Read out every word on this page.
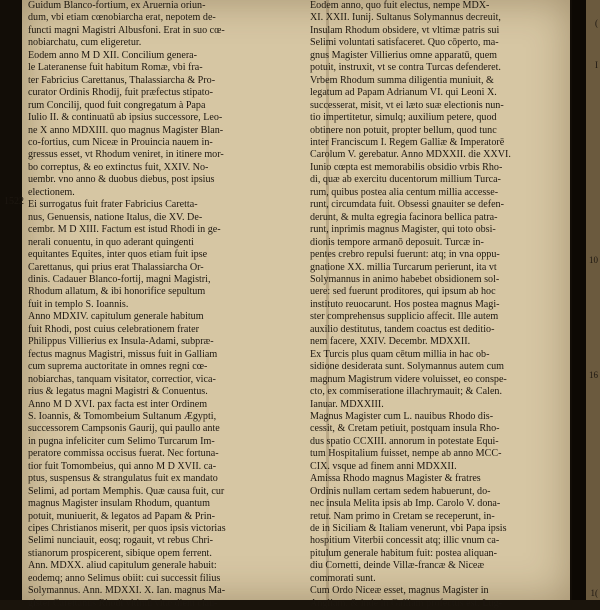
1522
Guidum Blanco-fortium, ex Aruernia oriun-
dum, vbi etiam cœnobiarcha erat, nepotem de-
functi magni Magistri Albusfoni. Erat in suo cœ-
nobiarchatu, cum eligeretur.
Eodem anno M D XII. Concilium genera-
le Lateranense fuit habitum Romæ, vbi fra-
ter Fabricius Carettanus, Thalassiarcha & Pro-
curator Ordinis Rhodij, fuit præfectus stipato-
rum Concilij, quod fuit congregatum à Papa
Iulio II. & continuatū ab ipsius successore, Leo-
ne X anno MDXIII. quo magnus Magister Blan-
co-fortius, cum Niceæ in Prouincia nauem in-
gressus esset, vt Rhodum veniret, in itinere mor-
bo correptus, & eo extinctus fuit, XXIV. No-
uembr. vno anno & duobus diebus, post ipsius
electionem.
Ei surrogatus fuit frater Fabricius Caretta-
nus, Genuensis, natione Italus, die XV. De-
cembr. M D XIII. Factum est istud Rhodi in ge-
nerali conuentu, in quo aderant quingenti
equitantes Equites, inter quos etiam fuit ipse
Carettanus, qui prius erat Thalassiarcha Or-
dinis. Cadauer Blanco-fortij, magni Magistri,
Rhodum allatum, & ibi honorifice sepultum
fuit in templo S. Ioannis.
Anno MDXIV. capitulum generale habitum
fuit Rhodi, post cuius celebrationem frater
Philippus Villierius ex Insula-Adami, subpræ-
fectus magnus Magistri, missus fuit in Galliam
cum suprema auctoritate in omnes regni cœ-
nobiarchas, tanquam visitator, correctior, vica-
rius & legatus magni Magistri & Conuentus.
Anno M D XVI. pax facta est inter Ordinem
S. Ioannis, & Tomombeium Sultanum Ægypti,
successorem Campsonis Gaurij, qui paullo ante
in pugna infeliciter cum Selimo Turcarum Im-
peratore commissa occisus fuerat. Nec fortuna-
tior fuit Tomombeius, qui anno M D XVII. ca-
ptus, suspensus & strangulatus fuit ex mandato
Selimi, ad portam Memphis. Quæ causa fuit, cur
magnus Magister insulam Rhodum, quantum
potuit, muniuerit, & legatos ad Papam & Prin-
cipes Christianos miserit, per quos ipsis victorias
Selimi nunciauit, eosq; rogauit, vt rebus Chri-
stianorum prospicerent, sibique opem ferrent.
Ann. MDXX. aliud capitulum generale habuit:
eodemq; anno Selimus obiit: cui successit filius
Solymannus. Ann. MDXXI. X. Ian. magnus Ma-
gister Carettanus Rhodi vltimū vitæ diem clau-
Eodem anno, quo fuit electus, nempe MDX-
XI. XXII. Iunij. Sultanus Solymannus decreuit,
Insulam Rhodum obsidere, vt vltimæ patris sui
Selimi voluntati satisfaceret. Quo cōperto, ma-
gnus Magister Villierius omne apparatū, quem
potuit, instruxit, vt se contra Turcas defenderet.
Vrbem Rhodum summa diligentia muniuit, &
legatum ad Papam Adrianum VI. qui Leoni X.
successerat, misit, vt ei læto suæ electionis nun-
tio impertitetur, simulq; auxilium petere, quod
obtinere non potuit, propter bellum, quod tunc
inter Franciscum I. Regem Galliæ & Imperatorē
Carolum V. gerebatur. Anno MDXXII. die XXVI.
Iunio cœpta est memorabilis obsidio vrbis Rho-
di, quæ ab exercitu ducentorum millium Turca-
rum, quibus postea alia centum millia accesse-
runt, circumdata fuit. Obsessi gnauiter se defen-
derunt, & multa egregia facinora bellica patra-
runt, inprimis magnus Magister, qui toto obsi-
dionis tempore armanō deposuit. Turcæ in-
pentes crebro repulsi fuerunt: atq; in vna oppu-
gnatione XX. millia Turcarum perierunt, ita vt
Solymannus in animo habebet obsidionem sol-
uere: sed fuerunt proditores, qui ipsum ab hoc
instituto reuocarunt. Hos postea magnus Magi-
ster comprehensus supplicio affecit. Ille autem
auxilio destitutus, tandem coactus est deditio-
nem facere, XXIV. Decembr. MDXXII.
Ex Turcis plus quam cētum millia in hac ob-
sidione desiderata sunt. Solymannus autem cum
magnum Magistrum videre voluisset, eo conspe-
cto, ex commiseratione illachrymauit; & Calen.
Ianuar. MDXXIII.
Magnus Magister cum L. nauibus Rhodo dis-
cessit, & Cretam petiuit, postquam insula Rho-
dus spatio CCXIII. annorum in potestate Equi-
tum Hospitalium fuisset, nempe ab anno MCC-
CIX. vsque ad finem anni MDXXII.
Amissa Rhodo magnus Magister & fratres
Ordinis nullam certam sedem habuerunt, do-
nec insula Melita ipsis ab Imp. Carolo V. dona-
retur. Nam primo in Cretam se receperunt, in-
de in Siciliam & Italiam venerunt, vbi Papa ipsis
hospitium Viterbii concessit atq; illic vnum ca-
pitulum generale habitum fuit: postea aliquan-
diu Cornetti, deinde Villæ-francæ & Niceæ
commorati sunt.
Cum Ordo Niceæ esset, magnus Magister in
Angliam, & inde in Galliam profectus est. Lug-
(
I
10
16
1(
